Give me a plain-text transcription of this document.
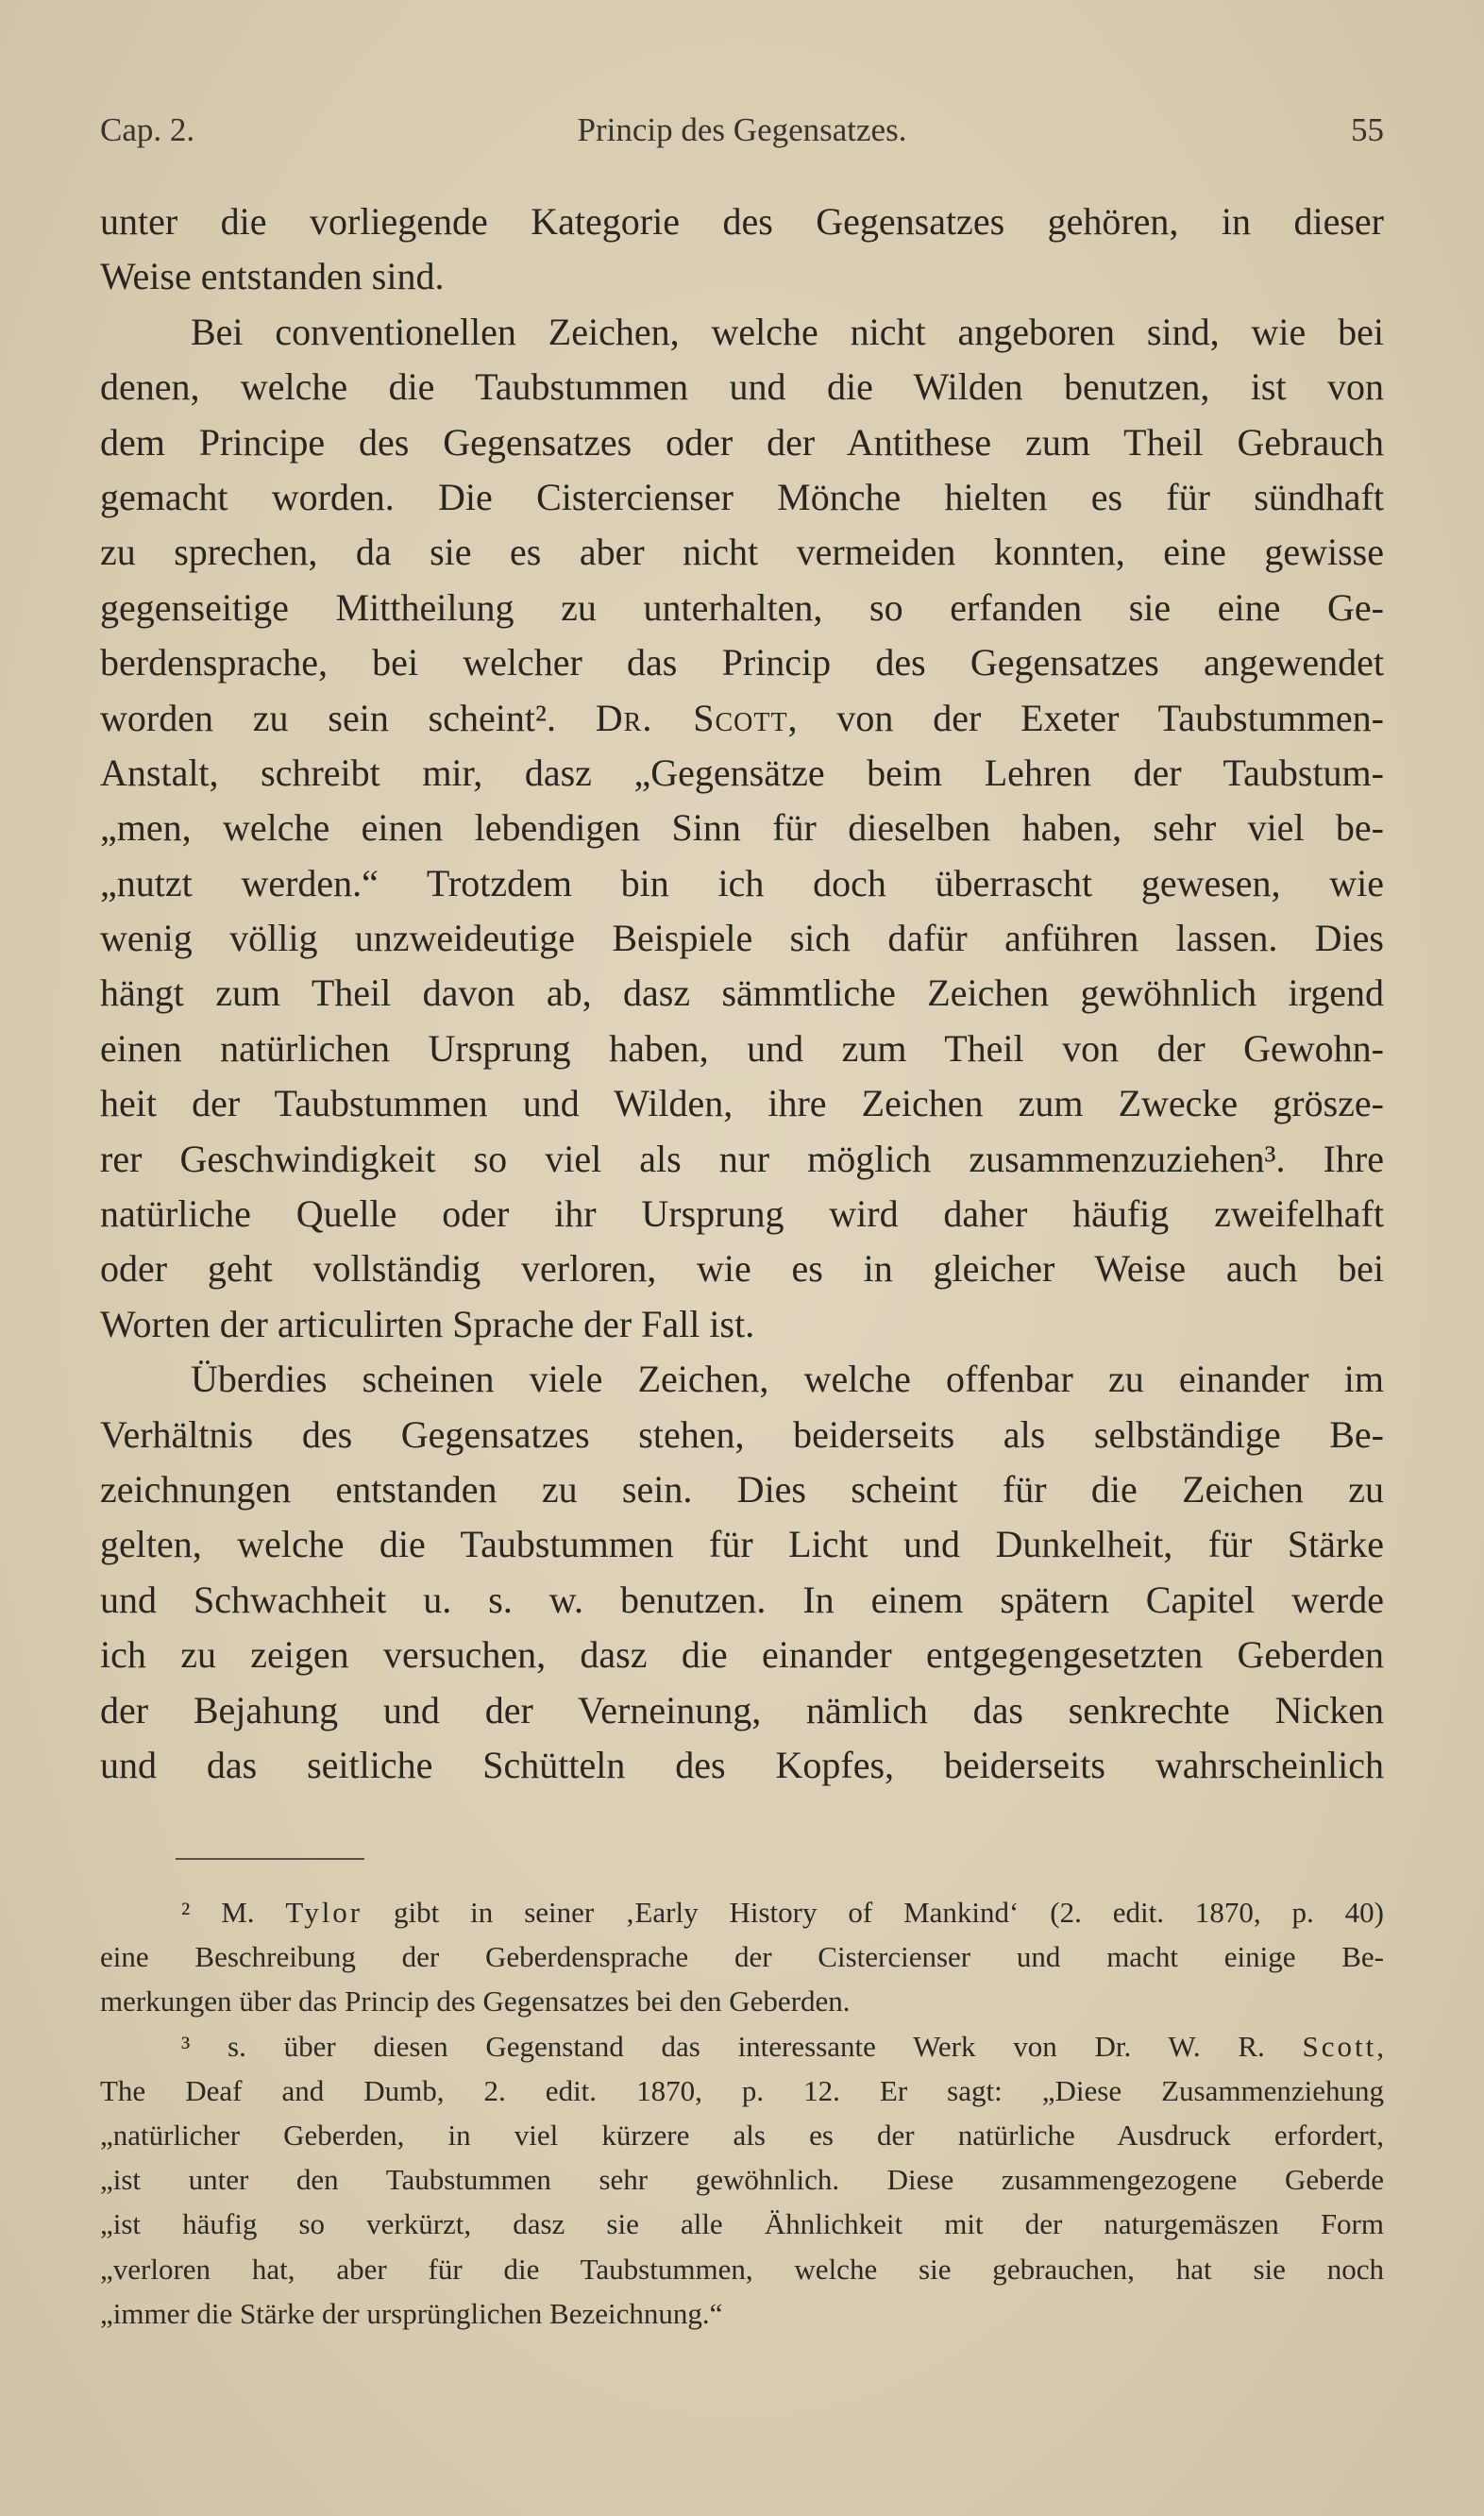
Cap. 2.	Princip des Gegensatzes.	55
unter die vorliegende Kategorie des Gegensatzes gehören, in dieser
Weise entstanden sind.
Bei conventionellen Zeichen, welche nicht angeboren sind, wie bei
denen, welche die Taubstummen und die Wilden benutzen, ist von
dem Principe des Gegensatzes oder der Antithese zum Theil Gebrauch
gemacht worden. Die Cistercienser Mönche hielten es für sündhaft
zu sprechen, da sie es aber nicht vermeiden konnten, eine gewisse
gegenseitige Mittheilung zu unterhalten, so erfanden sie eine Ge-
berdensprache, bei welcher das Princip des Gegensatzes angewendet
worden zu sein scheint². Dr. Scott, von der Exeter Taubstummen-
Anstalt, schreibt mir, dasz „Gegensätze beim Lehren der Taubstum-
„men, welche einen lebendigen Sinn für dieselben haben, sehr viel be-
„nutzt werden.“ Trotzdem bin ich doch überrascht gewesen, wie
wenig völlig unzweideutige Beispiele sich dafür anführen lassen. Dies
hängt zum Theil davon ab, dasz sämmtliche Zeichen gewöhnlich irgend
einen natürlichen Ursprung haben, und zum Theil von der Gewohn-
heit der Taubstummen und Wilden, ihre Zeichen zum Zwecke grösze-
rer Geschwindigkeit so viel als nur möglich zusammenzuziehen³. Ihre
natürliche Quelle oder ihr Ursprung wird daher häufig zweifelhaft
oder geht vollständig verloren, wie es in gleicher Weise auch bei
Worten der articulirten Sprache der Fall ist.
Überdies scheinen viele Zeichen, welche offenbar zu einander im
Verhältnis des Gegensatzes stehen, beiderseits als selbständige Be-
zeichnungen entstanden zu sein. Dies scheint für die Zeichen zu
gelten, welche die Taubstummen für Licht und Dunkelheit, für Stärke
und Schwachheit u. s. w. benutzen. In einem spätern Capitel werde
ich zu zeigen versuchen, dasz die einander entgegengesetzten Geberden
der Bejahung und der Verneinung, nämlich das senkrechte Nicken
und das seitliche Schütteln des Kopfes, beiderseits wahrscheinlich
² M. Tylor gibt in seiner ‚Early History of Mankind‘ (2. edit. 1870, p. 40)
eine Beschreibung der Geberdensprache der Cistercienser und macht einige Be-
merkungen über das Princip des Gegensatzes bei den Geberden.
³ s. über diesen Gegenstand das interessante Werk von Dr. W. R. Scott,
The Deaf and Dumb, 2. edit. 1870, p. 12. Er sagt: „Diese Zusammenziehung
„natürlicher Geberden, in viel kürzere als es der natürliche Ausdruck erfordert,
„ist unter den Taubstummen sehr gewöhnlich. Diese zusammengezogene Geberde
„ist häufig so verkürzt, dasz sie alle Ähnlichkeit mit der naturgemäszen Form
„verloren hat, aber für die Taubstummen, welche sie gebrauchen, hat sie noch
„immer die Stärke der ursprünglichen Bezeichnung.“
